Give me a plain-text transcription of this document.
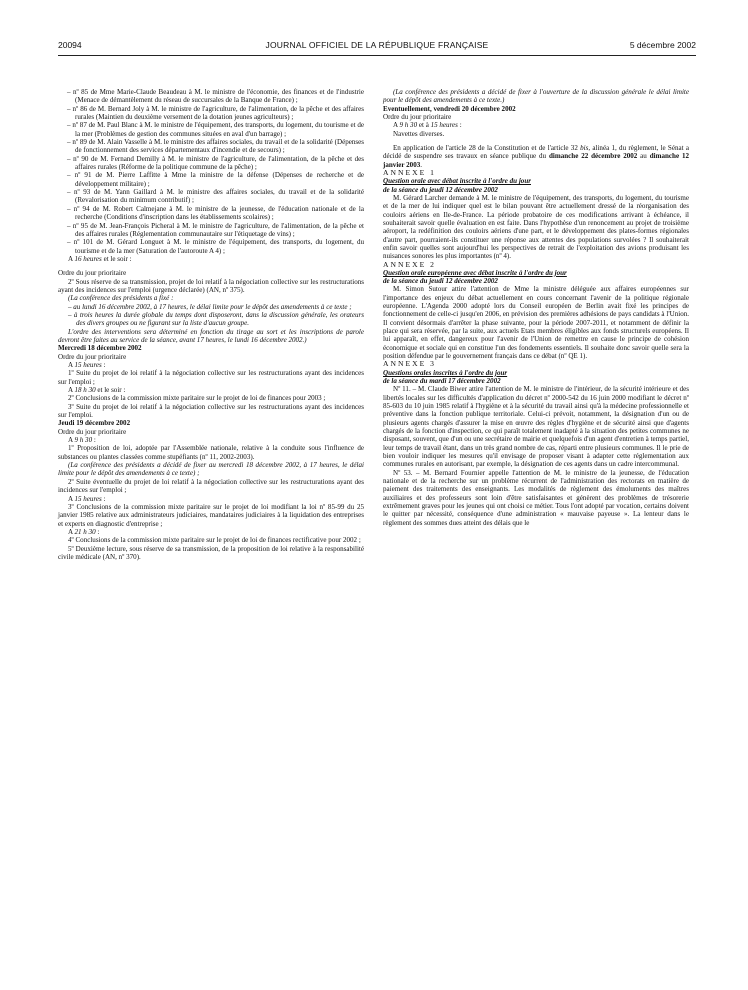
20094	JOURNAL OFFICIEL DE LA RÉPUBLIQUE FRANÇAISE	5 décembre 2002

– nº 85 de Mme Marie-Claude Beaudeau à M. le ministre de l'économie, des finances et de l'industrie (Menace de démantèlement du réseau de succursales de la Banque de France) ;

– nº 86 de M. Bernard Joly à M. le ministre de l'agriculture, de l'alimentation, de la pêche et des affaires rurales (Maintien du deuxième versement de la dotation jeunes agriculteurs) ;

– nº 87 de M. Paul Blanc à M. le ministre de l'équipement, des transports, du logement, du tourisme et de la mer (Problèmes de gestion des communes situées en aval d'un barrage) ;

– nº 89 de M. Alain Vasselle à M. le ministre des affaires sociales, du travail et de la solidarité (Dépenses de fonctionnement des services départementaux d'incendie et de secours) ;

– nº 90 de M. Fernand Demilly à M. le ministre de l'agriculture, de l'alimentation, de la pêche et des affaires rurales (Réforme de la politique commune de la pêche) ;

– nº 91 de M. Pierre Laffitte à Mme la ministre de la défense (Dépenses de recherche et de développement militaire) ;

– nº 93 de M. Yann Gaillard à M. le ministre des affaires sociales, du travail et de la solidarité (Revalorisation du minimum contributif) ;

– nº 94 de M. Robert Calmejane à M. le ministre de la jeunesse, de l'éducation nationale et de la recherche (Conditions d'inscription dans les établissements scolaires) ;

– nº 95 de M. Jean-François Picheral à M. le ministre de l'agriculture, de l'alimentation, de la pêche et des affaires rurales (Réglementation communautaire sur l'étiquetage de vins) ;

– nº 101 de M. Gérard Longuet à M. le ministre de l'équipement, des transports, du logement, du tourisme et de la mer (Saturation de l'autoroute A 4) ;

A 16 heures et le soir :

Ordre du jour prioritaire

2º Sous réserve de sa transmission, projet de loi relatif à la négociation collective sur les restructurations ayant des incidences sur l'emploi (urgence déclarée) (AN, nº 375).

(La conférence des présidents a fixé :

– au lundi 16 décembre 2002, à 17 heures, le délai limite pour le dépôt des amendements à ce texte ;

– à trois heures la durée globale du temps dont disposeront, dans la discussion générale, les orateurs des divers groupes ou ne figurant sur la liste d'aucun groupe.

L'ordre des interventions sera déterminé en fonction du tirage au sort et les inscriptions de parole devront être faites au service de la séance, avant 17 heures, le lundi 16 décembre 2002.)

Mercredi 18 décembre 2002

Ordre du jour prioritaire

A 15 heures :

1º Suite du projet de loi relatif à la négociation collective sur les restructurations ayant des incidences sur l'emploi ;

A 18 h 30 et le soir :

2º Conclusions de la commission mixte paritaire sur le projet de loi de finances pour 2003 ;

3º Suite du projet de loi relatif à la négociation collective sur les restructurations ayant des incidences sur l'emploi.

Jeudi 19 décembre 2002

Ordre du jour prioritaire

A 9 h 30 :

1º Proposition de loi, adoptée par l'Assemblée nationale, relative à la conduite sous l'influence de substances ou plantes classées comme stupéfiants (nº 11, 2002-2003).

(La conférence des présidents a décidé de fixer au mercredi 18 décembre 2002, à 17 heures, le délai limite pour le dépôt des amendements à ce texte) ;

2º Suite éventuelle du projet de loi relatif à la négociation collective sur les restructurations ayant des incidences sur l'emploi ;

A 15 heures :

3º Conclusions de la commission mixte paritaire sur le projet de loi modifiant la loi nº 85-99 du 25 janvier 1985 relative aux administrateurs judiciaires, mandataires judiciaires à la liquidation des entreprises et experts en diagnostic d'entreprise ;

A 21 h 30 :

4º Conclusions de la commission mixte paritaire sur le projet de loi de finances rectificative pour 2002 ;

5º Deuxième lecture, sous réserve de sa transmission, de la proposition de loi relative à la responsabilité civile médicale (AN, nº 370).

(La conférence des présidents a décidé de fixer à l'ouverture de la discussion générale le délai limite pour le dépôt des amendements à ce texte.)

Eventuellement, vendredi 20 décembre 2002

Ordre du jour prioritaire

A 9 h 30 et à 15 heures :

Navettes diverses.

En application de l'article 28 de la Constitution et de l'article 32 bis, alinéa 1, du règlement, le Sénat a décidé de suspendre ses travaux en séance publique du dimanche 22 décembre 2002 au dimanche 12 janvier 2003.

ANNEXE 1

Question orale avec débat inscrite à l'ordre du jour
de la séance du jeudi 12 décembre 2002

M. Gérard Larcher demande à M. le ministre de l'équipement, des transports, du logement, du tourisme et de la mer de lui indiquer quel est le bilan pouvant être actuellement dressé de la réorganisation des couloirs aériens en Ile-de-France. La période probatoire de ces modifications arrivant à échéance, il souhaiterait savoir quelle évaluation en est faite. Dans l'hypothèse d'un renoncement au projet de troisième aéroport, la redéfinition des couloirs aériens d'une part, et le développement des plates-formes régionales d'autre part, pourraient-ils constituer une réponse aux attentes des populations survolées ? Il souhaiterait enfin savoir quelles sont aujourd'hui les perspectives de retrait de l'exploitation des avions produisant les nuisances sonores les plus importantes (nº 4).

ANNEXE 2

Question orale européenne avec débat inscrite à l'ordre du jour
de la séance du jeudi 12 décembre 2002

M. Simon Sutour attire l'attention de Mme la ministre déléguée aux affaires européennes sur l'importance des enjeux du débat actuellement en cours concernant l'avenir de la politique régionale européenne. L'Agenda 2000 adopté lors du Conseil européen de Berlin avait fixé les principes de fonctionnement de celle-ci jusqu'en 2006, en prévision des premières adhésions de pays candidats à l'Union. Il convient désormais d'arrêter la phase suivante, pour la période 2007-2011, et notamment de définir la place qui sera réservée, par la suite, aux actuels Etats membres éligibles aux fonds structurels européens. Il lui apparaît, en effet, dangereux pour l'avenir de l'Union de remettre en cause le principe de cohésion économique et sociale qui en constitue l'un des fondements essentiels. Il souhaite donc savoir quelle sera la position défendue par le gouvernement français dans ce débat (nº QE 1).

ANNEXE 3

Questions orales inscrites à l'ordre du jour
de la séance du mardi 17 décembre 2002

Nº 11. – M. Claude Biwer attire l'attention de M. le ministre de l'intérieur, de la sécurité intérieure et des libertés locales sur les difficultés d'application du décret nº 2000-542 du 16 juin 2000 modifiant le décret nº 85-603 du 10 juin 1985 relatif à l'hygiène et à la sécurité du travail ainsi qu'à la médecine professionnelle et préventive dans la fonction publique territoriale. Celui-ci prévoit, notamment, la désignation d'un ou de plusieurs agents chargés d'assurer la mise en œuvre des règles d'hygiène et de sécurité ainsi que d'agents chargés de la fonction d'inspection, ce qui paraît totalement inadapté à la situation des petites communes ne disposant, souvent, que d'un ou une secrétaire de mairie et quelquefois d'un agent d'entretien à temps partiel, leur temps de travail étant, dans un très grand nombre de cas, réparti entre plusieurs communes. Il le prie de bien vouloir indiquer les mesures qu'il envisage de proposer visant à adapter cette réglementation aux communes rurales en autorisant, par exemple, la désignation de ces agents dans un cadre intercommunal.

Nº 53. – M. Bernard Fournier appelle l'attention de M. le ministre de la jeunesse, de l'éducation nationale et de la recherche sur un problème récurrent de l'administration des rectorats en matière de paiement des traitements des enseignants. Les modalités de règlement des émoluments des maîtres auxiliaires et des professeurs sont loin d'être satisfaisantes et génèrent des problèmes de trésorerie extrêmement graves pour les jeunes qui ont choisi ce métier. Tous l'ont adopté par vocation, certains doivent le quitter par nécessité, conséquence d'une administration « mauvaise payeuse ». La lenteur dans le règlement des sommes dues atteint des délais que le
